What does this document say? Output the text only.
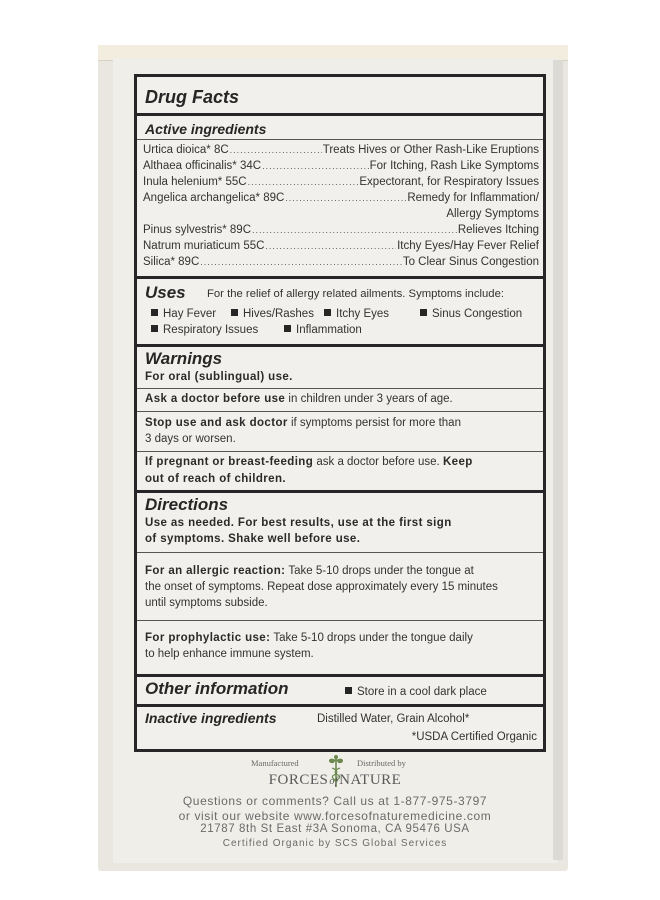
Drug Facts
Active ingredients
Urtica dioica* 8C .....	Treats Hives or Other Rash-Like Eruptions
Althaea officinalis* 34C .....	For Itching, Rash Like Symptoms
Inula helenium* 55C .....	Expectorant, for Respiratory Issues
Angelica archangelica* 89C .....	Remedy for Inflammation/
Allergy Symptoms
Pinus sylvestris* 89C .....	Relieves Itching
Natrum muriaticum 55C .....	Itchy Eyes/Hay Fever Relief
Silica* 89C .....	To Clear Sinus Congestion
Uses For the relief of allergy related ailments. Symptoms include:
Hay Fever	Hives/Rashes	Itchy Eyes	Sinus Congestion
Respiratory Issues	Inflammation
Warnings
For oral (sublingual) use.
Ask a doctor before use in children under 3 years of age.
Stop use and ask doctor if symptoms persist for more than
3 days or worsen.
If pregnant or breast-feeding ask a doctor before use. Keep
out of reach of children.
Directions
Use as needed. For best results, use at the first sign
of symptoms. Shake well before use.
For an allergic reaction: Take 5-10 drops under the tongue at
the onset of symptoms. Repeat dose approximately every 15 minutes
until symptoms subside.
For prophylactic use: Take 5-10 drops under the tongue daily
to help enhance immune system.
Other information	Store in a cool dark place
Inactive ingredients	Distilled Water, Grain Alcohol*
*USDA Certified Organic
Manufactured	Distributed by
FORCESofNATURE
Questions or comments? Call us at 1-877-975-3797
or visit our website www.forcesofnaturemedicine.com
21787 8th St East #3A Sonoma, CA 95476 USA
Certified Organic by SCS Global Services
